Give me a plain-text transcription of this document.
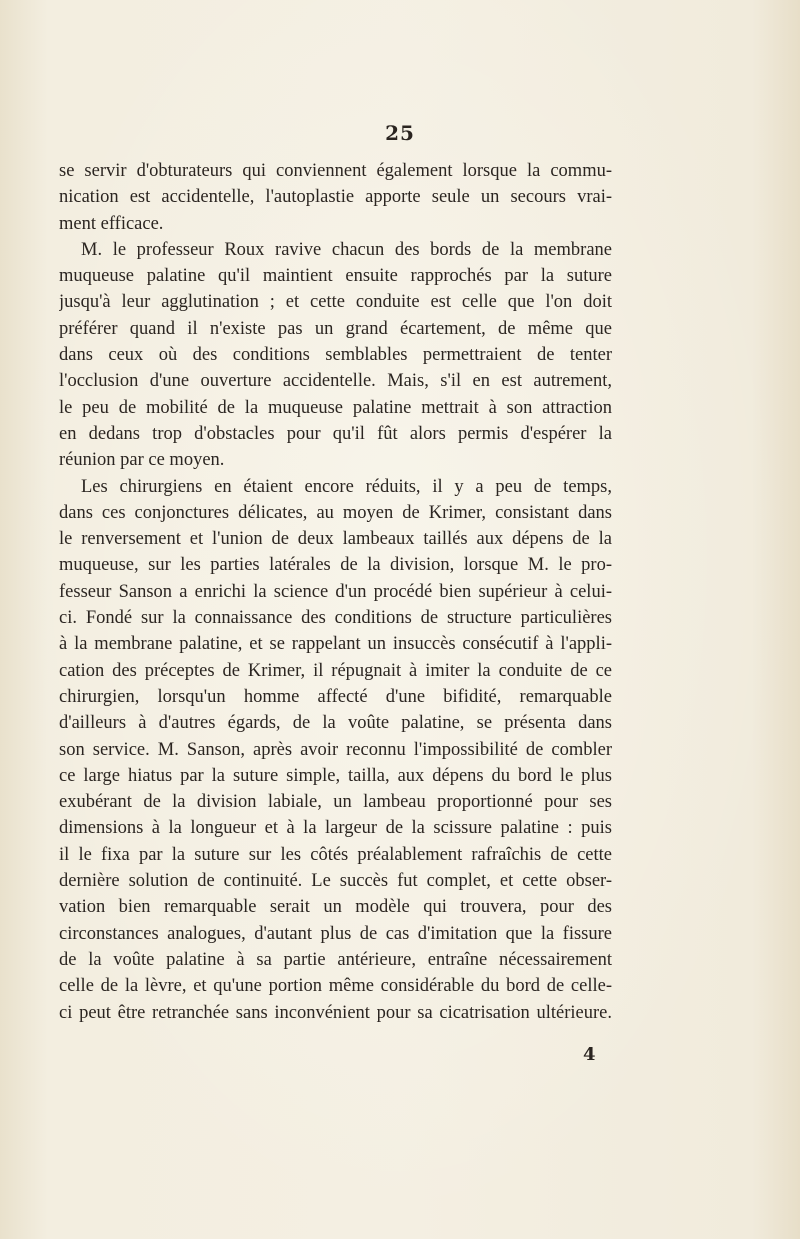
25
se servir d'obturateurs qui conviennent également lorsque la commu-
nication est accidentelle, l'autoplastie apporte seule un secours vrai-
ment efficace.
M. le professeur Roux ravive chacun des bords de la membrane
muqueuse palatine qu'il maintient ensuite rapprochés par la suture
jusqu'à leur agglutination ; et cette conduite est celle que l'on doit
préférer quand il n'existe pas un grand écartement, de même que
dans ceux où des conditions semblables permettraient de tenter
l'occlusion d'une ouverture accidentelle. Mais, s'il en est autrement,
le peu de mobilité de la muqueuse palatine mettrait à son attraction
en dedans trop d'obstacles pour qu'il fût alors permis d'espérer la
réunion par ce moyen.
Les chirurgiens en étaient encore réduits, il y a peu de temps,
dans ces conjonctures délicates, au moyen de Krimer, consistant dans
le renversement et l'union de deux lambeaux taillés aux dépens de la
muqueuse, sur les parties latérales de la division, lorsque M. le pro-
fesseur Sanson a enrichi la science d'un procédé bien supérieur à celui-
ci. Fondé sur la connaissance des conditions de structure particulières
à la membrane palatine, et se rappelant un insuccès consécutif à l'appli-
cation des préceptes de Krimer, il répugnait à imiter la conduite de ce
chirurgien, lorsqu'un homme affecté d'une bifidité, remarquable
d'ailleurs à d'autres égards, de la voûte palatine, se présenta dans
son service. M. Sanson, après avoir reconnu l'impossibilité de combler
ce large hiatus par la suture simple, tailla, aux dépens du bord le plus
exubérant de la division labiale, un lambeau proportionné pour ses
dimensions à la longueur et à la largeur de la scissure palatine : puis
il le fixa par la suture sur les côtés préalablement rafraîchis de cette
dernière solution de continuité. Le succès fut complet, et cette obser-
vation bien remarquable serait un modèle qui trouvera, pour des
circonstances analogues, d'autant plus de cas d'imitation que la fissure
de la voûte palatine à sa partie antérieure, entraîne nécessairement
celle de la lèvre, et qu'une portion même considérable du bord de celle-
ci peut être retranchée sans inconvénient pour sa cicatrisation ultérieure.
4
